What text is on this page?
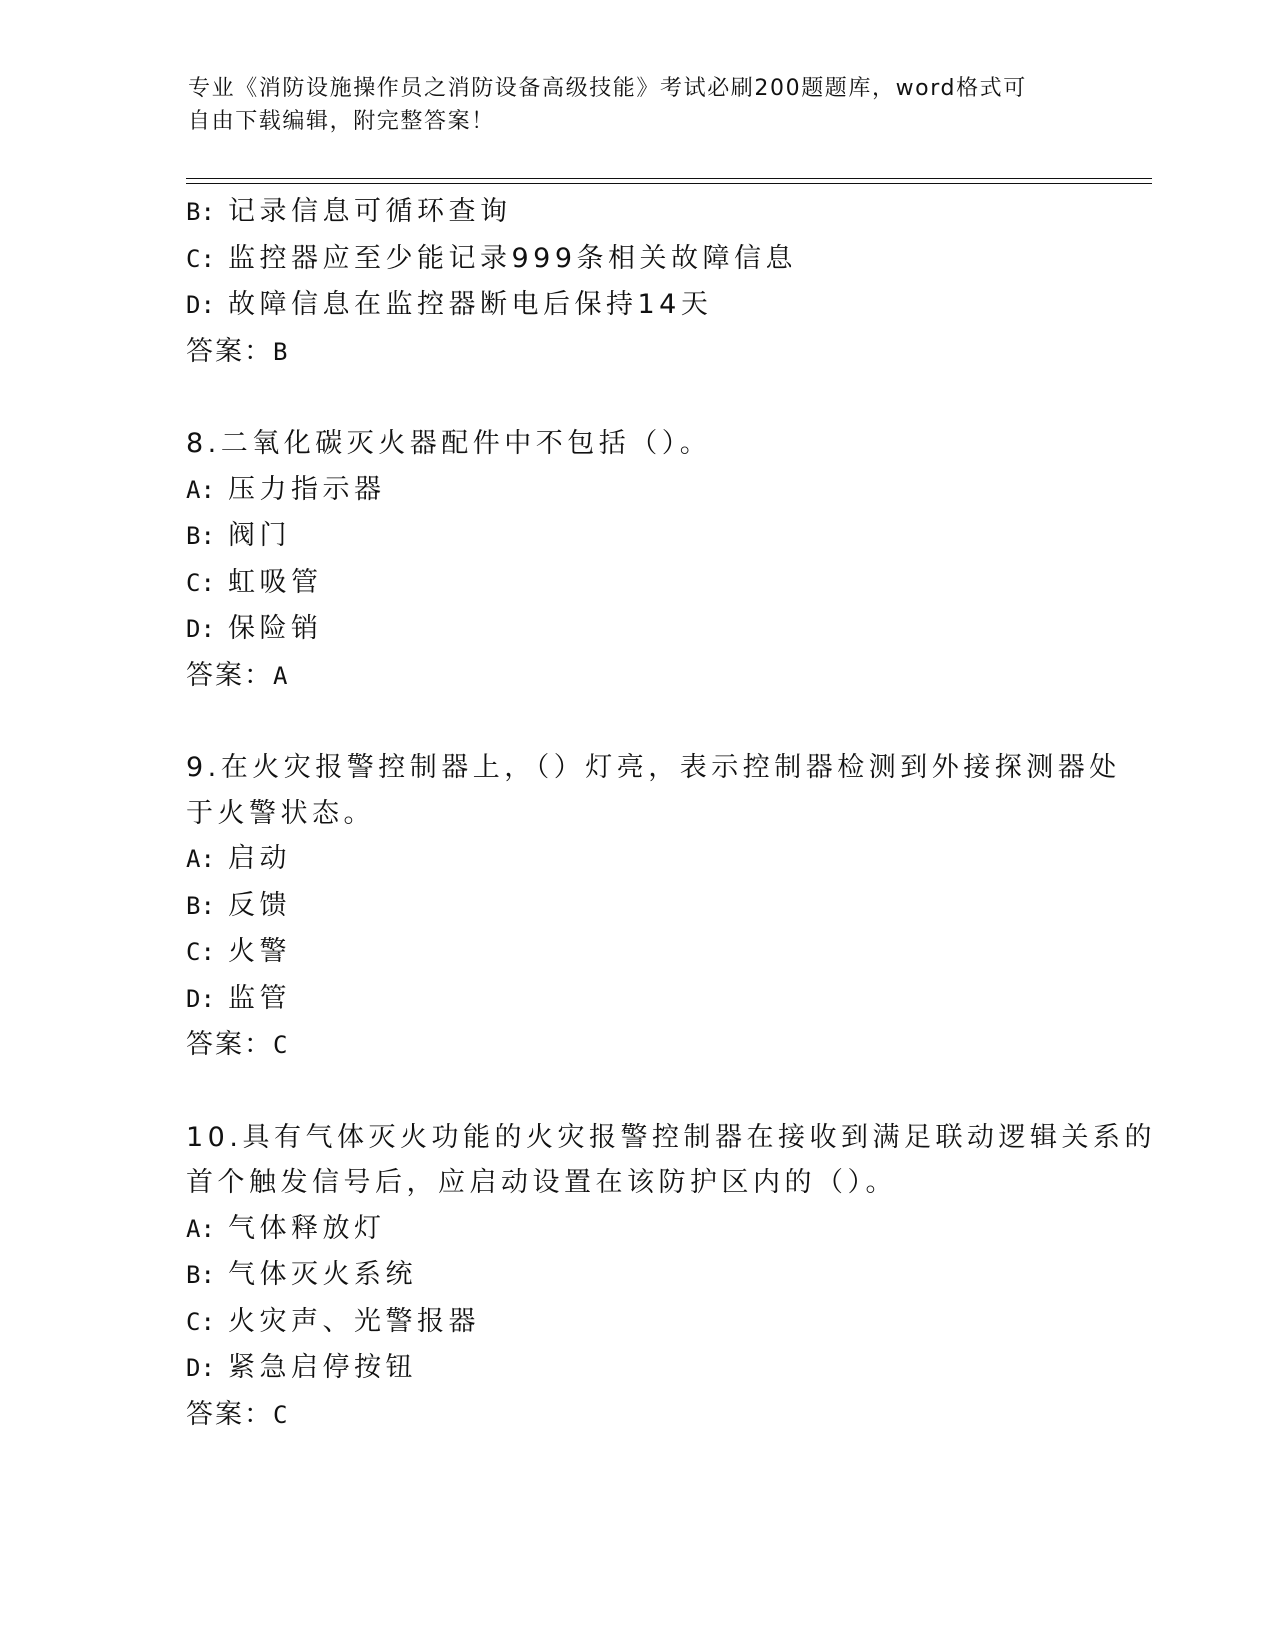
专业《消防设施操作员之消防设备高级技能》考试必刷200题题库，word格式可
自由下载编辑，附完整答案！
B: 记录信息可循环查询
C: 监控器应至少能记录999条相关故障信息
D: 故障信息在监控器断电后保持14天
答案：B
8.二氧化碳灭火器配件中不包括（）。
A: 压力指示器
B: 阀门
C: 虹吸管
D: 保险销
答案：A
9.在火灾报警控制器上，（）灯亮，表示控制器检测到外接探测器处
于火警状态。
A: 启动
B: 反馈
C: 火警
D: 监管
答案：C
10.具有气体灭火功能的火灾报警控制器在接收到满足联动逻辑关系的
首个触发信号后，应启动设置在该防护区内的（）。
A: 气体释放灯
B: 气体灭火系统
C: 火灾声、光警报器
D: 紧急启停按钮
答案：C
